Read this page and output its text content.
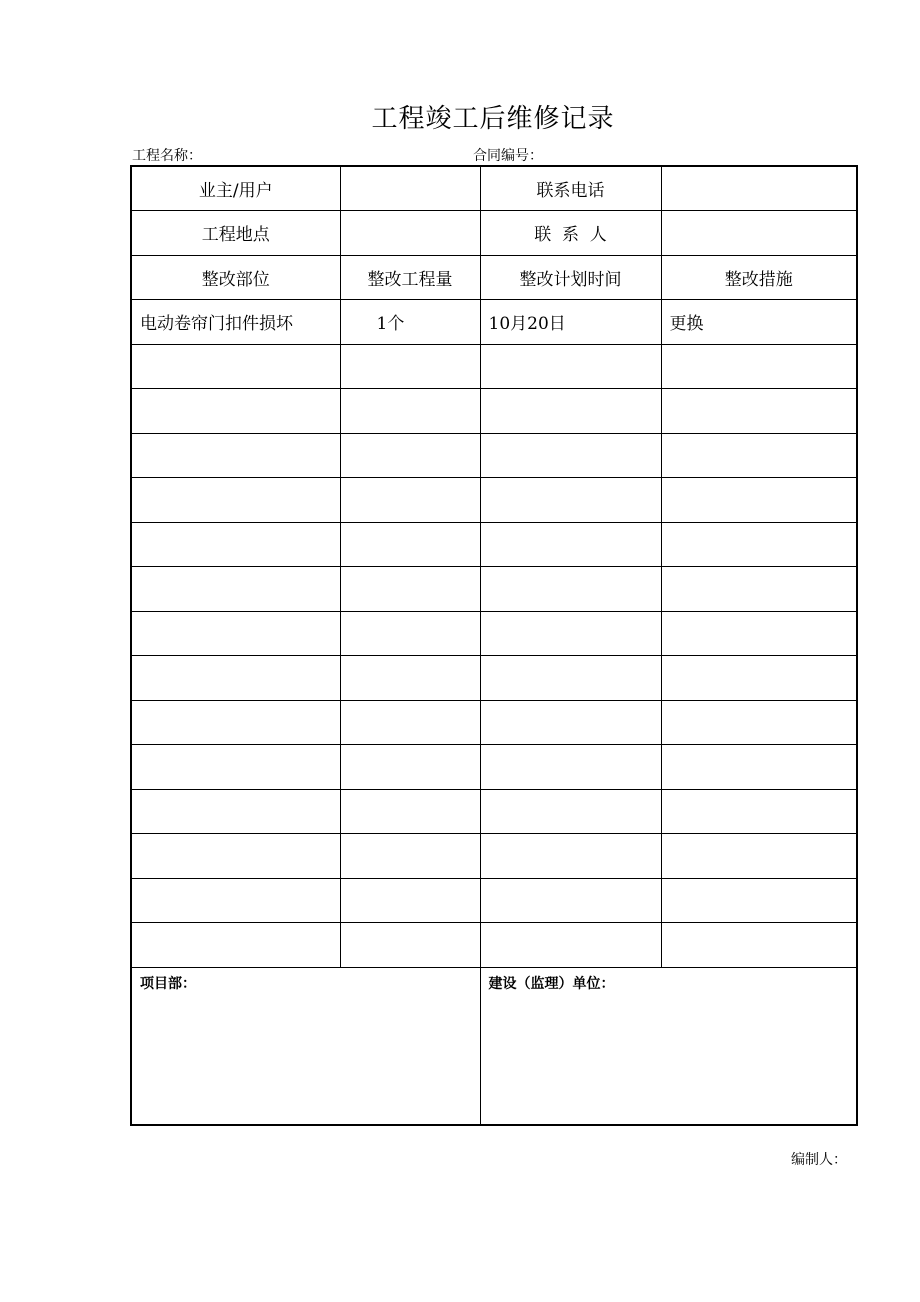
工程竣工后维修记录
工程名称：	合同编号：
业主/用户		联系电话	
工程地点		联  系  人	
整改部位	整改工程量	整改计划时间	整改措施
电动卷帘门扣件损坏	1个	10月20日	更换

项目部：		建设（监理）单位：	
编制人：
